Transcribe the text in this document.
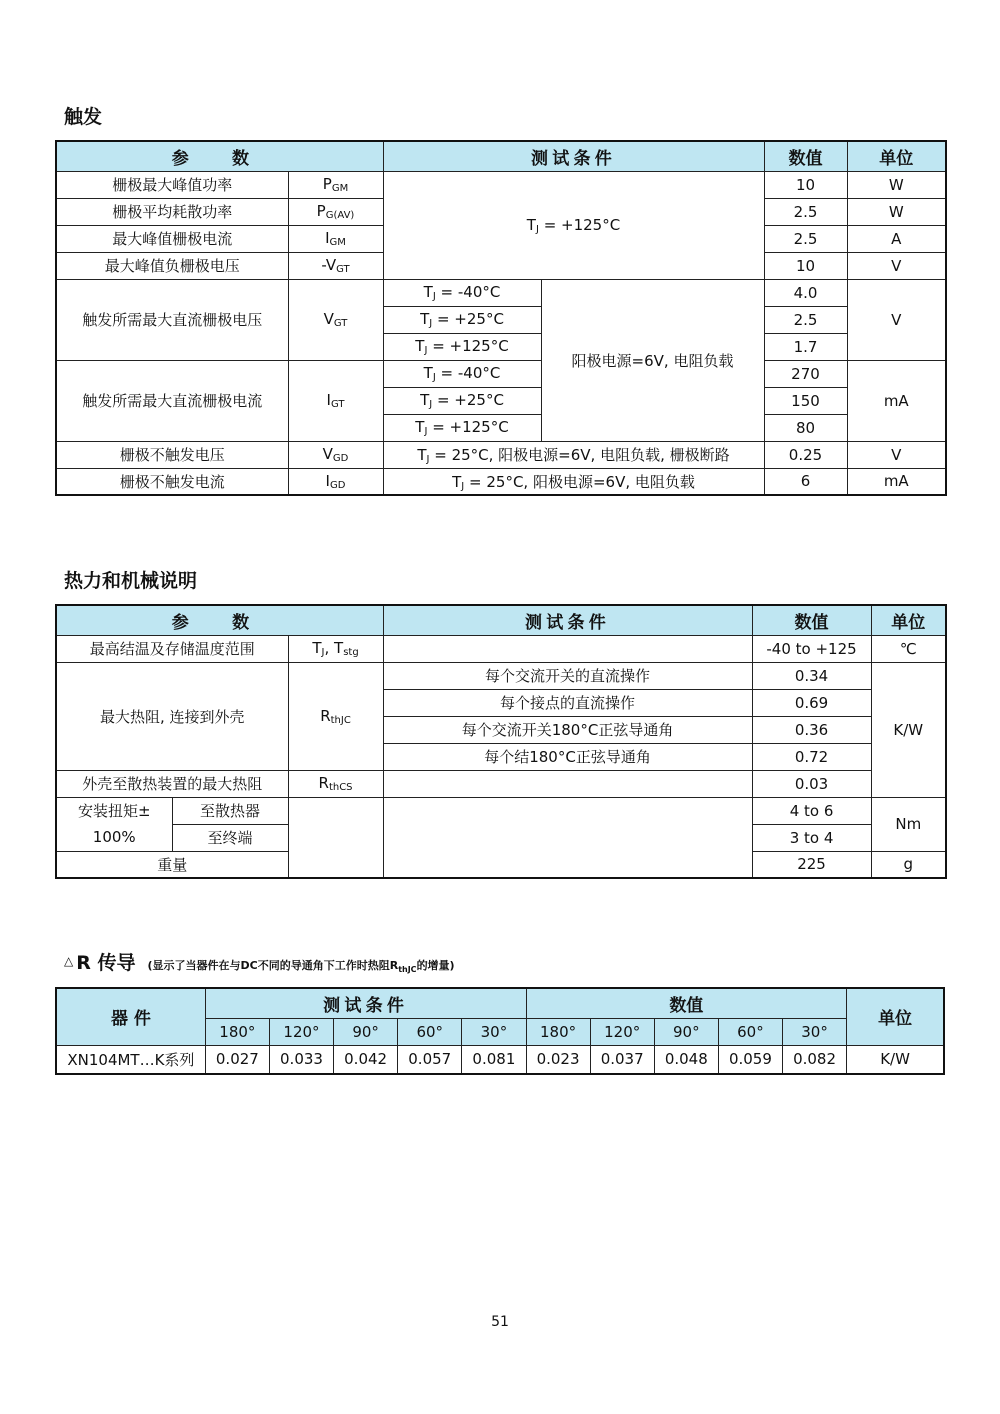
触发
参 数		测试条件		数值	单位
栅极最大峰值功率	$P_{GM}$	$T_J = +125^\circ C$		10	W
栅极平均耗散功率	$P_{G(AV)}$			2.5	W
最大峰值栅极电流	$I_{GM}$			2.5	A
最大峰值负栅极电压	$-V_{GT}$			10	V
触发所需最大直流栅极电压	$V_{GT}$	$T_J = -40^\circ C$	阳极电源=6V, 电阻负载	4.0	V
		$T_J = +25^\circ C$		2.5	
		$T_J = +125^\circ C$		1.7	
触发所需最大直流栅极电流	$I_{GT}$	$T_J = -40^\circ C$		270	mA
		$T_J = +25^\circ C$		150	
		$T_J = +125^\circ C$		80	
栅极不触发电压	$V_{GD}$	$T_J = 25^\circ C$, 阳极电源=6V, 电阻负载, 栅极断路		0.25	V
栅极不触发电流	$I_{GD}$	$T_J = 25^\circ C$, 阳极电源=6V, 电阻负载		6	mA
热力和机械说明
参 数			测试条件	数值	单位
最高结温及存储温度范围		$T_J$, $T_{stg}$		-40 to +125	℃
最大热阻, 连接到外壳		$R_{thJC}$	每个交流开关的直流操作	0.34	K/W
			每个接点的直流操作	0.69	
			每个交流开关180°C正弦导通角	0.36	
			每个结180°C正弦导通角	0.72	
外壳至散热装置的最大热阻		$R_{thCS}$		0.03	
安装扭矩±
100%	至散热器			4 to 6	Nm
	至终端			3 to 4	
重量				225	g
△ R 传导 (显示了当器件在与DC不同的导通角下工作时热阻$R_{thJC}$的增量)
器 件	测试条件					数值					单位
	180°	120°	90°	60°	30°	180°	120°	90°	60°	30°	
XN104MT…K系列	0.027	0.033	0.042	0.057	0.081	0.023	0.037	0.048	0.059	0.082	K/W
51
